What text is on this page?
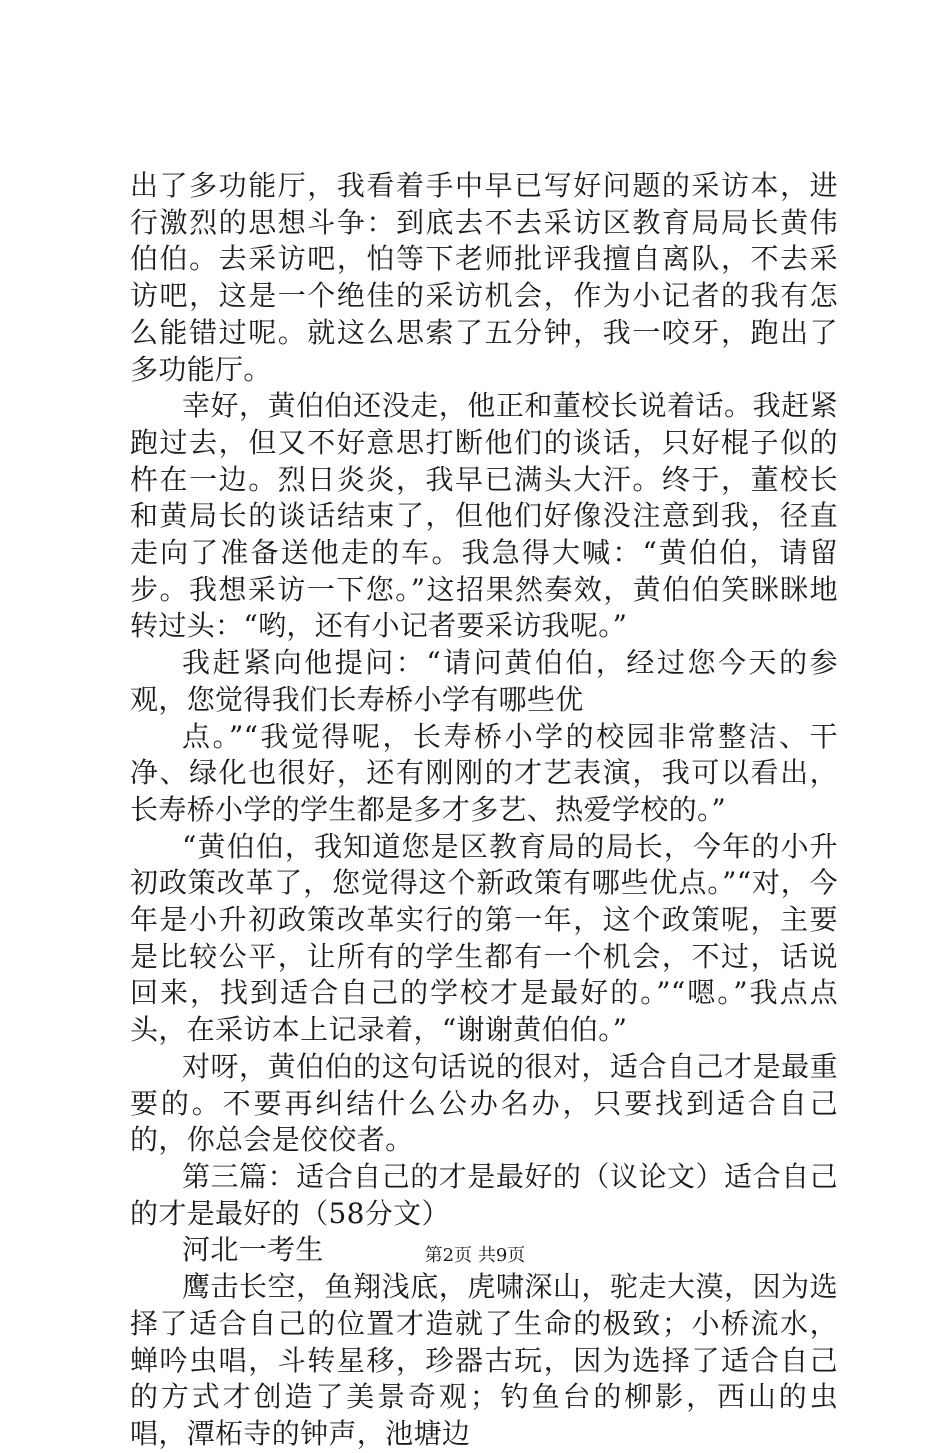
出了多功能厅，我看着手中早已写好问题的采访本，进行激烈的思想斗争：到底去不去采访区教育局局长黄伟伯伯。去采访吧，怕等下老师批评我擅自离队，不去采访吧，这是一个绝佳的采访机会，作为小记者的我有怎么能错过呢。就这么思索了五分钟，我一咬牙，跑出了多功能厅。

幸好，黄伯伯还没走，他正和董校长说着话。我赶紧跑过去，但又不好意思打断他们的谈话，只好棍子似的杵在一边。烈日炎炎，我早已满头大汗。终于，董校长和黄局长的谈话结束了，但他们好像没注意到我，径直走向了准备送他走的车。我急得大喊：“黄伯伯，请留步。我想采访一下您。”这招果然奏效，黄伯伯笑眯眯地转过头：“哟，还有小记者要采访我呢。”

我赶紧向他提问：“请问黄伯伯，经过您今天的参观，您觉得我们长寿桥小学有哪些优

点。”“我觉得呢，长寿桥小学的校园非常整洁、干净、绿化也很好，还有刚刚的才艺表演，我可以看出，长寿桥小学的学生都是多才多艺、热爱学校的。”

“黄伯伯，我知道您是区教育局的局长，今年的小升初政策改革了，您觉得这个新政策有哪些优点。”“对，今年是小升初政策改革实行的第一年，这个政策呢，主要是比较公平，让所有的学生都有一个机会，不过，话说回来，找到适合自己的学校才是最好的。”“嗯。”我点点头，在采访本上记录着，“谢谢黄伯伯。”

对呀，黄伯伯的这句话说的很对，适合自己才是最重要的。不要再纠结什么公办名办，只要找到适合自己的，你总会是佼佼者。

第三篇：适合自己的才是最好的（议论文）适合自己的才是最好的（58分文）

河北一考生

鹰击长空，鱼翔浅底，虎啸深山，驼走大漠，因为选择了适合自己的位置才造就了生命的极致；小桥流水，蝉吟虫唱，斗转星移，珍器古玩，因为选择了适合自己的方式才创造了美景奇观；钓鱼台的柳影，西山的虫唱，潭柘寺的钟声，池塘边

第2页 共9页
